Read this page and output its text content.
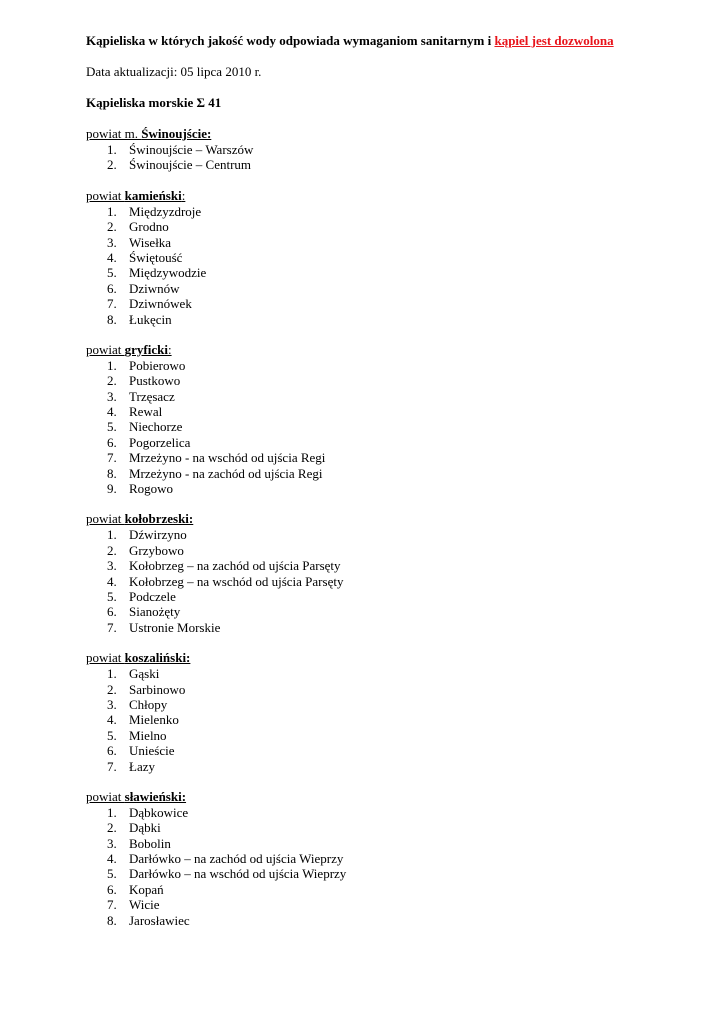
Kąpieliska w których jakość wody odpowiada wymaganiom sanitarnym i kąpiel jest dozwolona
Data aktualizacji: 05 lipca 2010 r.
Kąpieliska morskie Σ 41
powiat m. Świnoujście:
1. Świnoujście – Warszów
2. Świnoujście – Centrum
powiat kamieński:
1. Międzyzdroje
2. Grodno
3. Wisełka
4. Świętouść
5. Międzywodzie
6. Dziwnów
7. Dziwnówek
8. Łukęcin
powiat gryficki:
1. Pobierowo
2. Pustkowo
3. Trzęsacz
4. Rewal
5. Niechorze
6. Pogorzelica
7. Mrzeżyno - na wschód od ujścia Regi
8. Mrzeżyno - na zachód od ujścia Regi
9. Rogowo
powiat kołobrzeski:
1. Dźwirzyno
2. Grzybowo
3. Kołobrzeg – na zachód od ujścia Parsęty
4. Kołobrzeg – na wschód od ujścia Parsęty
5. Podczele
6. Sianożęty
7. Ustronie Morskie
powiat koszaliński:
1. Gąski
2. Sarbinowo
3. Chłopy
4. Mielenko
5. Mielno
6. Unieście
7. Łazy
powiat sławieński:
1. Dąbkowice
2. Dąbki
3. Bobolin
4. Darłówko – na zachód od ujścia Wieprzy
5. Darłówko – na wschód od ujścia Wieprzy
6. Kopań
7. Wicie
8. Jarosławiec
